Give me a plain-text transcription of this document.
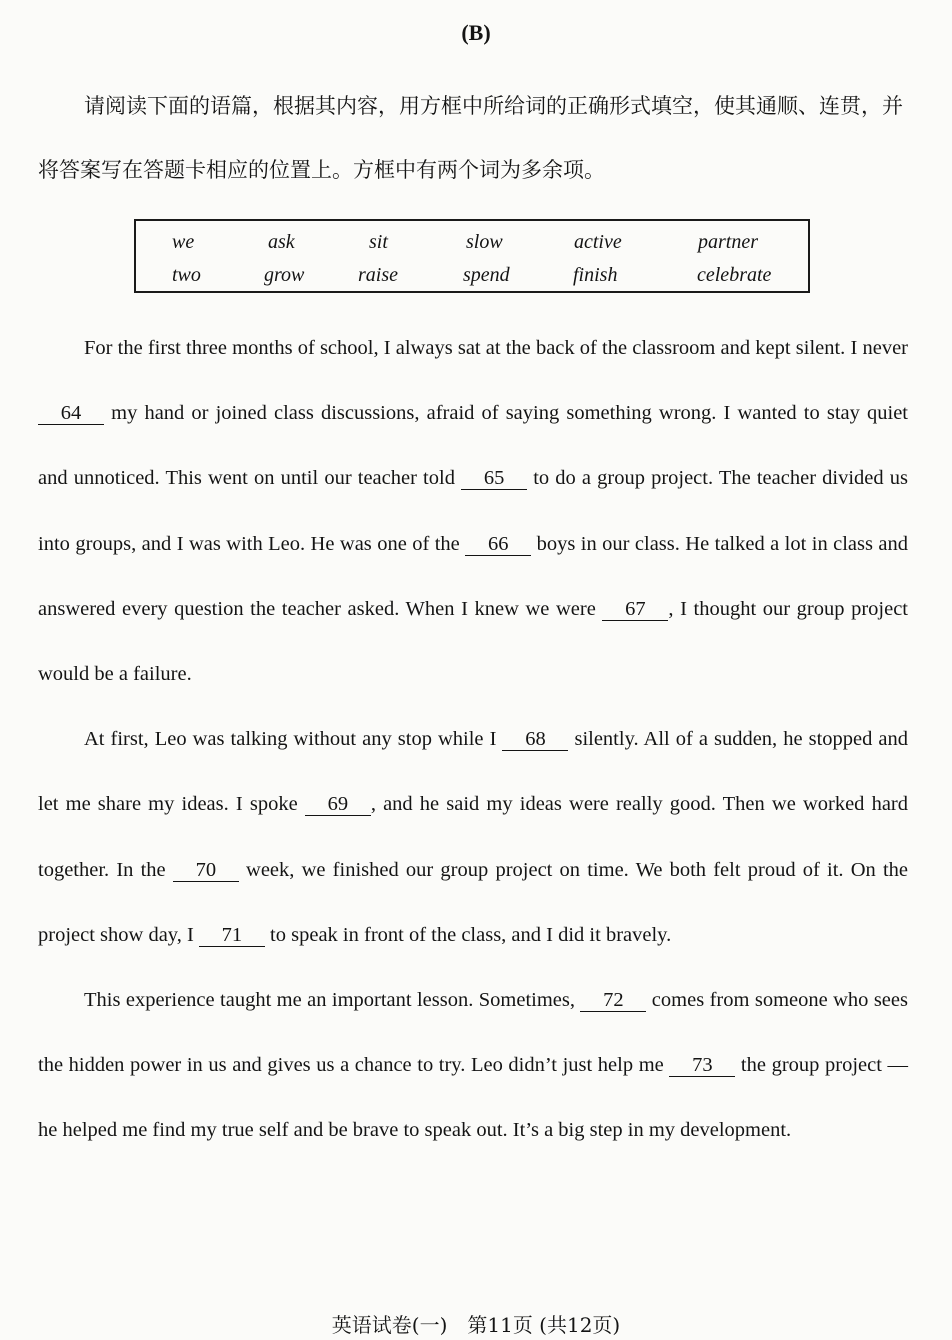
(B)
请阅读下面的语篇，根据其内容，用方框中所给词的正确形式填空，使其通顺、连贯，并将答案写在答题卡相应的位置上。方框中有两个词为多余项。
we	ask	sit	slow	active	partner
two	grow	raise	spend	finish	celebrate

For the first three months of school, I always sat at the back of the classroom and kept silent. I never 64 my hand or joined class discussions, afraid of saying something wrong. I wanted to stay quiet and unnoticed. This went on until our teacher told 65 to do a group project. The teacher divided us into groups, and I was with Leo. He was one of the 66 boys in our class. He talked a lot in class and answered every question the teacher asked. When I knew we were 67 , I thought our group project would be a failure.

At first, Leo was talking without any stop while I 68 silently. All of a sudden, he stopped and let me share my ideas. I spoke 69 , and he said my ideas were really good. Then we worked hard together. In the 70 week, we finished our group project on time. We both felt proud of it. On the project show day, I 71 to speak in front of the class, and I did it bravely.

This experience taught me an important lesson. Sometimes, 72 comes from someone who sees the hidden power in us and gives us a chance to try. Leo didn’t just help me 73 the group project — he helped me find my true self and be brave to speak out. It’s a big step in my development.

英语试卷(一)　第11页 (共12页)
